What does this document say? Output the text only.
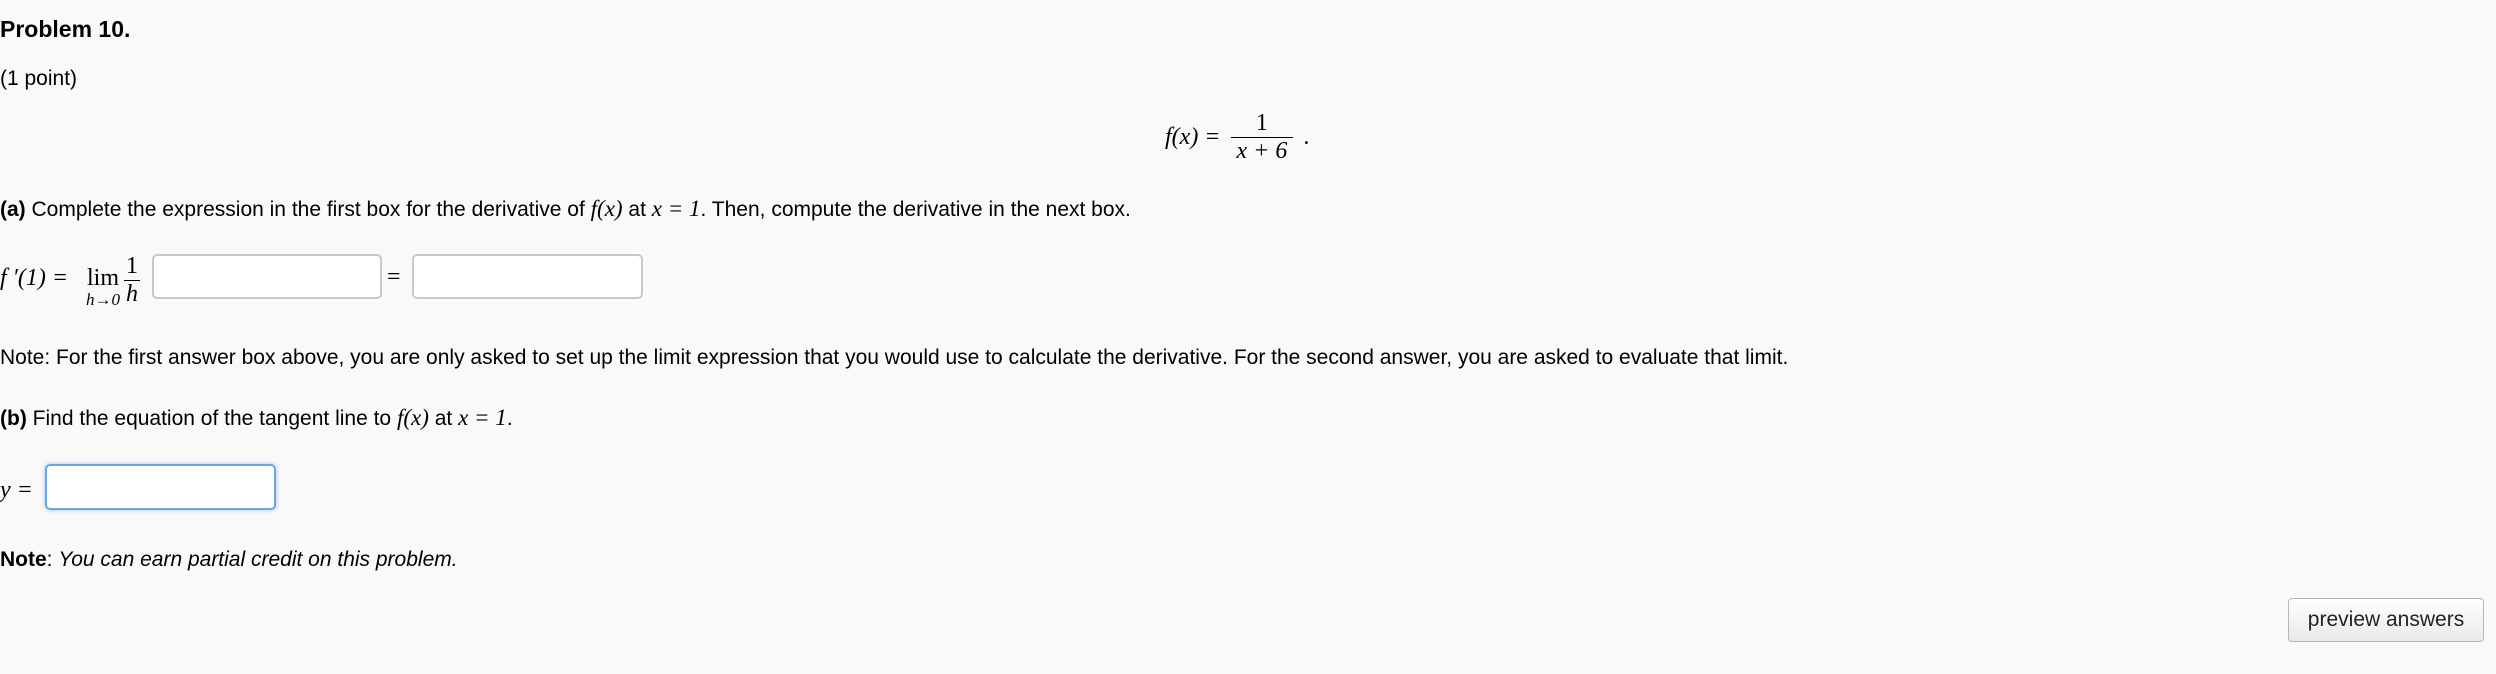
Problem 10.
(1 point)
$f(x) = \frac{1}{x + 6}$ .
(a) Complete the expression in the first box for the derivative of f(x) at x = 1. Then, compute the derivative in the next box.
f ′(1) = lim
$h\to 0 \frac{1}{h}$	=
Note: For the first answer box above, you are only asked to set up the limit expression that you would use to calculate the derivative. For the second answer, you are asked to evaluate that limit.
(b) Find the equation of the tangent line to f(x) at x = 1.
y =
Note: You can earn partial credit on this problem.
preview answers
